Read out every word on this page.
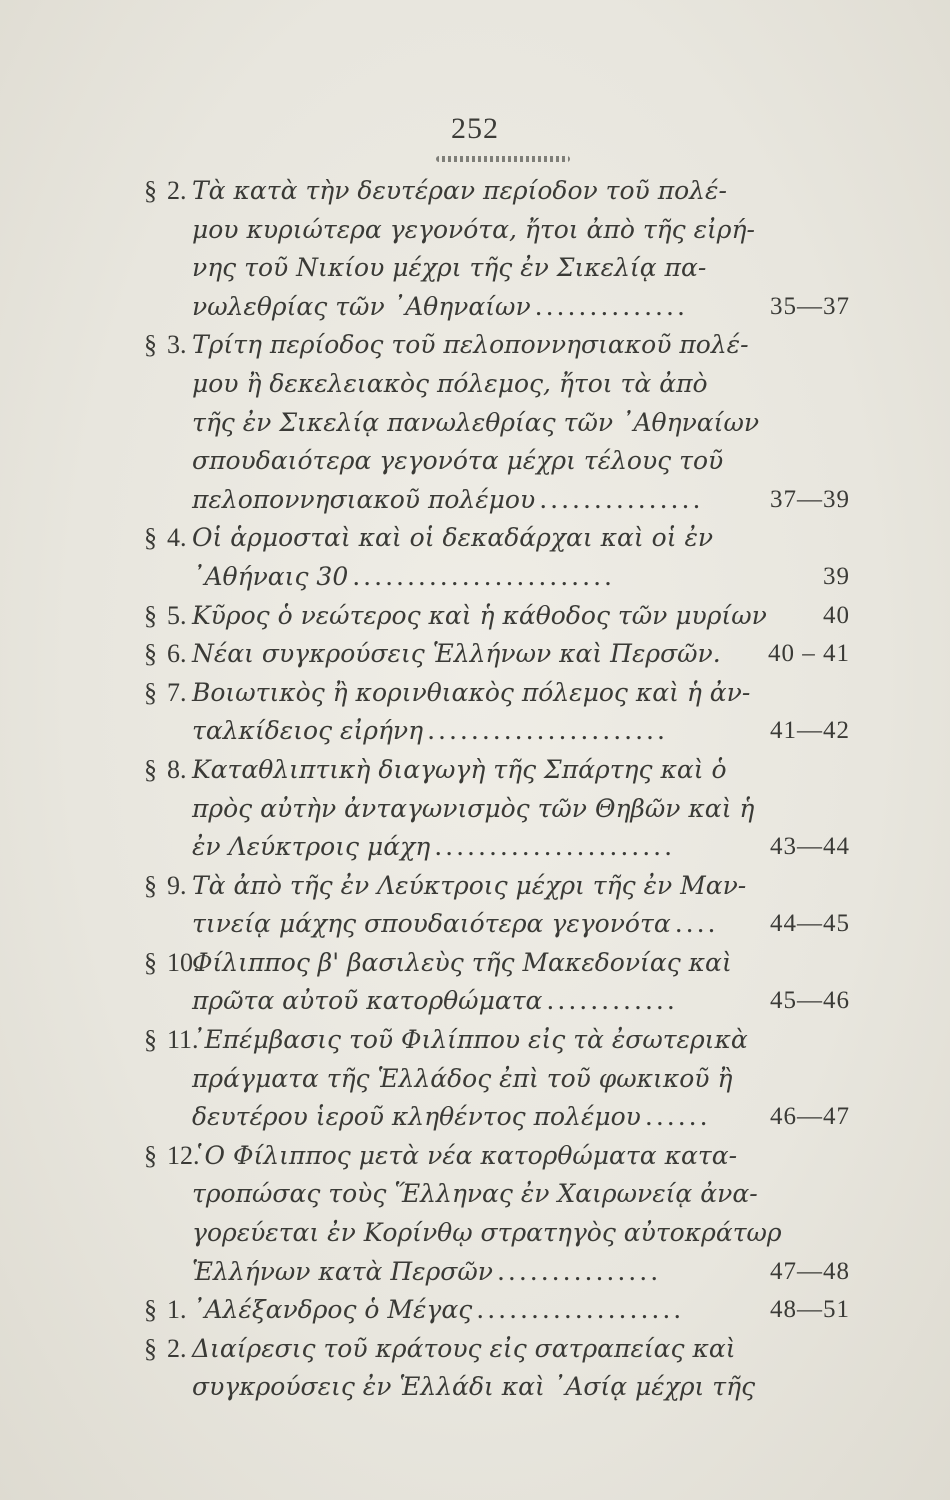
252
§ 2. Τὰ κατὰ τὴν δευτέραν περίοδον τοῦ πολέ-
μου κυριώτερα γεγονότα, ἤτοι ἀπὸ τῆς εἰρή-
νης τοῦ Νικίου μέχρι τῆς ἐν Σικελίᾳ πα-
νωλεθρίας τῶν ᾿Αθηναίων ..............	35—37
§ 3. Τρίτη περίοδος τοῦ πελοποννησιακοῦ πολέ-
μου ἢ δεκελειακὸς πόλεμος, ἤτοι τὰ ἀπὸ
τῆς ἐν Σικελίᾳ πανωλεθρίας τῶν ᾿Αθηναίων
σπουδαιότερα γεγονότα μέχρι τέλους τοῦ
πελοποννησιακοῦ πολέμου ...............	37—39
§ 4. Οἱ ἁρμοσταὶ καὶ οἱ δεκαδάρχαι καὶ οἱ ἐν
᾿Αθήναις 30 ........................	39
§ 5. Κῦρος ὁ νεώτερος καὶ ἡ κάθοδος τῶν μυρίων 40
§ 6. Νέαι συγκρούσεις Ἑλλήνων καὶ Περσῶν. 40 – 41
§ 7. Βοιωτικὸς ἢ κορινθιακὸς πόλεμος καὶ ἡ ἀν-
ταλκίδειος εἰρήνη ......................	41—42
§ 8. Καταθλιπτικὴ διαγωγὴ τῆς Σπάρτης καὶ ὁ
πρὸς αὐτὴν ἀνταγωνισμὸς τῶν Θηβῶν καὶ ἡ
ἐν Λεύκτροις μάχη ......................	43—44
§ 9. Τὰ ἀπὸ τῆς ἐν Λεύκτροις μέχρι τῆς ἐν Μαν-
τινείᾳ μάχης σπουδαιότερα γεγονότα .... 44—45
§ 10.
Φίλιππος β' βασιλεὺς τῆς Μακεδονίας καὶ
πρῶτα αὐτοῦ κατορθώματα ............	45—46
§ 11.
᾿Επέμβασις τοῦ Φιλίππου εἰς τὰ ἐσωτερικὰ
πράγματα τῆς Ἑλλάδος ἐπὶ τοῦ φωκικοῦ ἢ
δευτέρου ἱεροῦ κληθέντος πολέμου ...... 46—47
§ 12.
῾Ο Φίλιππος μετὰ νέα κατορθώματα κατα-
τροπώσας τοὺς Ἕλληνας ἐν Χαιρωνείᾳ ἀνα-
γορεύεται ἐν Κορίνθῳ στρατηγὸς αὐτοκράτωρ
Ἑλλήνων κατὰ Περσῶν ...............	47—48
§ 1. ᾿Αλέξανδρος ὁ Μέγας ...................	48—51
§ 2. Διαίρεσις τοῦ κράτους εἰς σατραπείας καὶ
συγκρούσεις ἐν Ἑλλάδι καὶ ᾿Ασίᾳ μέχρι τῆς
